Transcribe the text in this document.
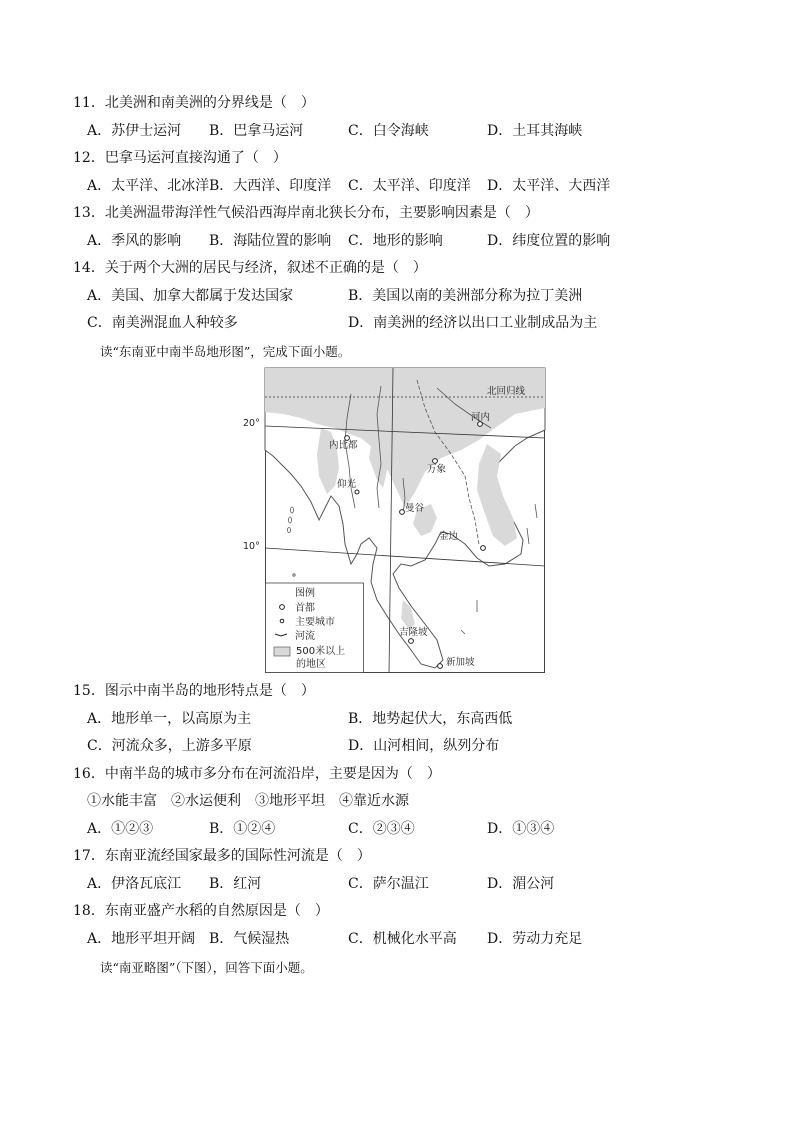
11．北美洲和南美洲的分界线是（　）
A．苏伊士运河 B．巴拿马运河	C．白令海峡	D．土耳其海峡
12．巴拿马运河直接沟通了（　）
A．太平洋、北冰洋 B．大西洋、印度洋 C．太平洋、印度洋 D．太平洋、大西洋
13．北美洲温带海洋性气候沿西海岸南北狭长分布，主要影响因素是（　）
A．季风的影响 B．海陆位置的影响 C．地形的影响	D．纬度位置的影响
14．关于两个大洲的居民与经济，叙述不正确的是（　）
A．美国、加拿大都属于发达国家	B．美国以南的美洲部分称为拉丁美洲
C．南美洲混血人种较多	D．南美洲的经济以出口工业制成品为主
读“东南亚中南半岛地形图”，完成下面小题。
北回归线
20°
10°
河内
内比都
万象
仰光
曼谷
金边
吉隆坡
新加坡
图例
首都
主要城市
河流
500米以上
的地区
15．图示中南半岛的地形特点是（　）
A．地形单一，以高原为主	B．地势起伏大，东高西低
C．河流众多，上游多平原	D．山河相间，纵列分布
16．中南半岛的城市多分布在河流沿岸，主要是因为（　）
①水能丰富　②水运便利　③地形平坦　④靠近水源
A．①②③	B．①②④	C．②③④	D．①③④
17．东南亚流经国家最多的国际性河流是（　）
A．伊洛瓦底江 B．红河	C．萨尔温江	D．湄公河
18．东南亚盛产水稻的自然原因是（　）
A．地形平坦开阔 B．气候湿热	C．机械化水平高 D．劳动力充足
读“南亚略图”（下图），回答下面小题。
